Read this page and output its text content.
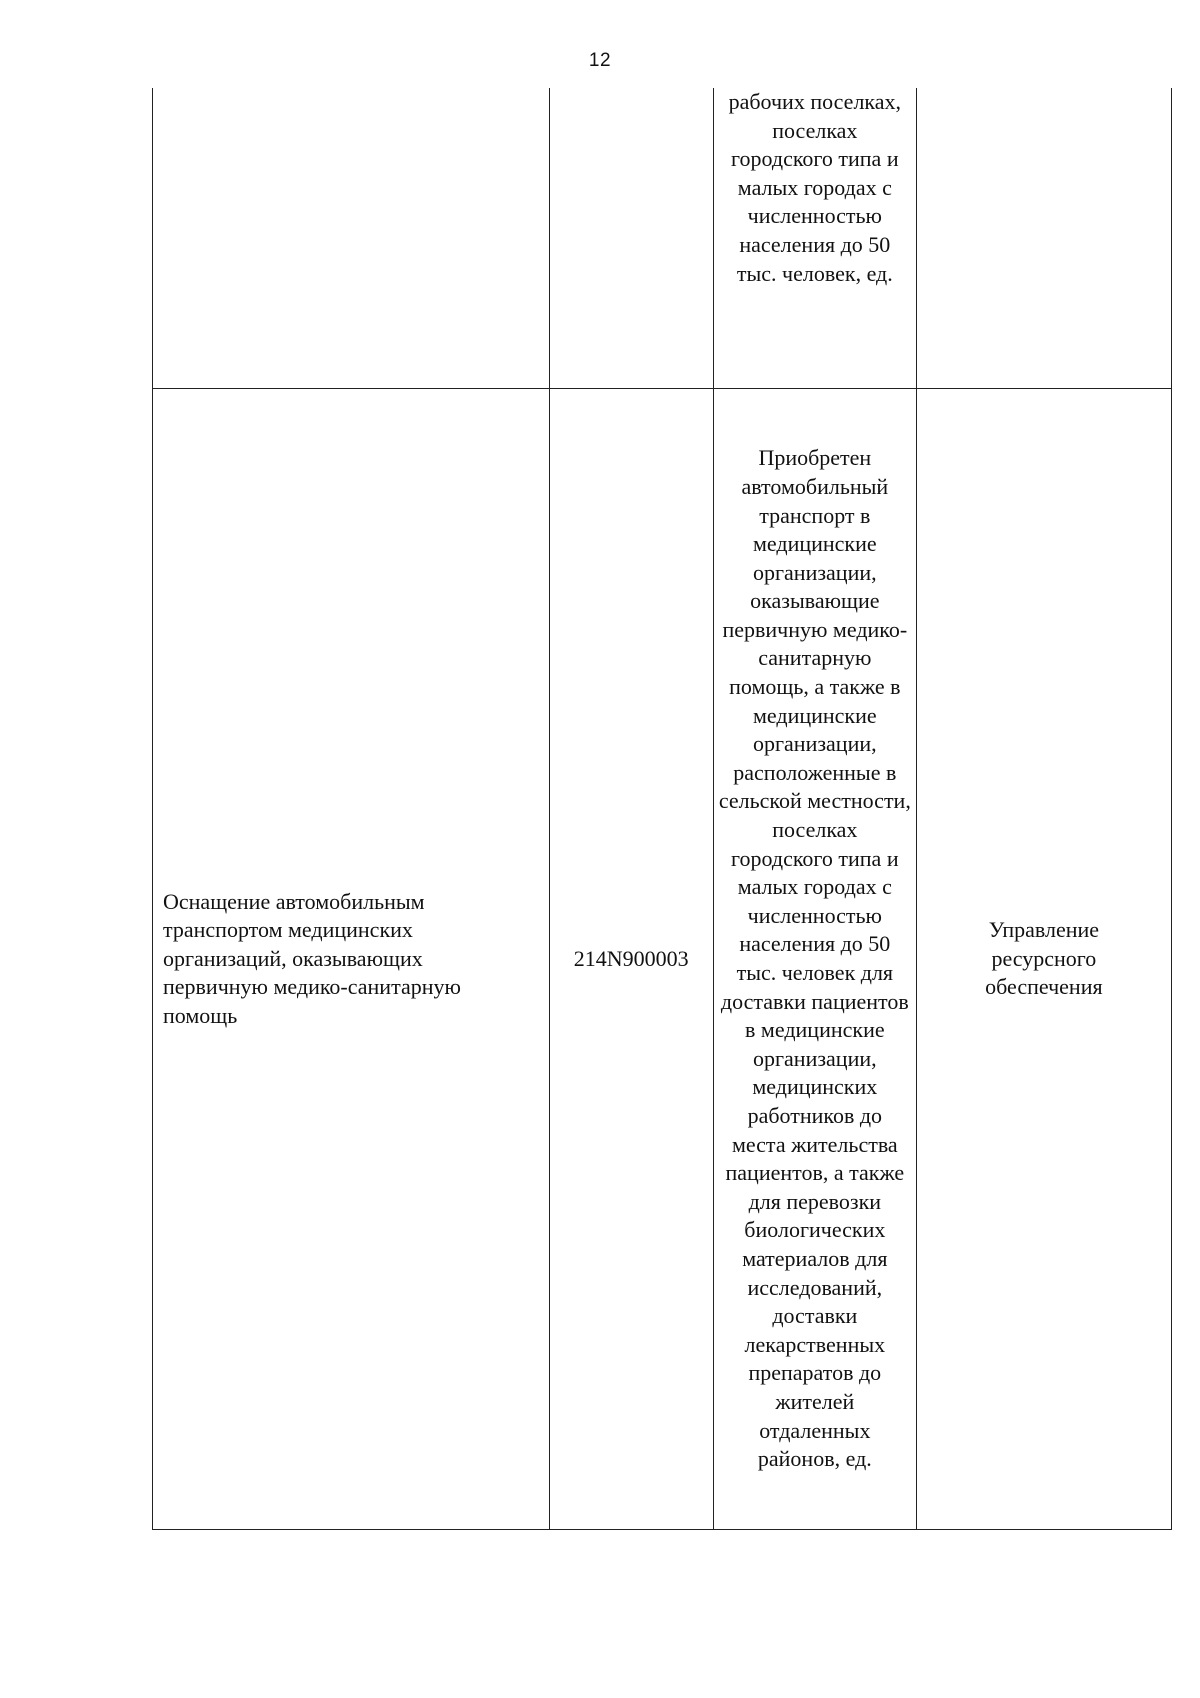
12

		рабочих поселках, поселках городского типа и малых городах с численностью населения до 50 тыс. человек, ед.	

Оснащение автомобильным транспортом медицинских организаций, оказывающих первичную медико-санитарную помощь	214N900003	Приобретен автомобильный транспорт в медицинские организации, оказывающие первичную медико-санитарную помощь, а также в медицинские организации, расположенные в сельской местности, поселках городского типа и малых городах с численностью населения до 50 тыс. человек для доставки пациентов в медицинские организации, медицинских работников до места жительства пациентов, а также для перевозки биологических материалов для исследований, доставки лекарственных препаратов до жителей отдаленных районов, ед.	Управление ресурсного обеспечения
